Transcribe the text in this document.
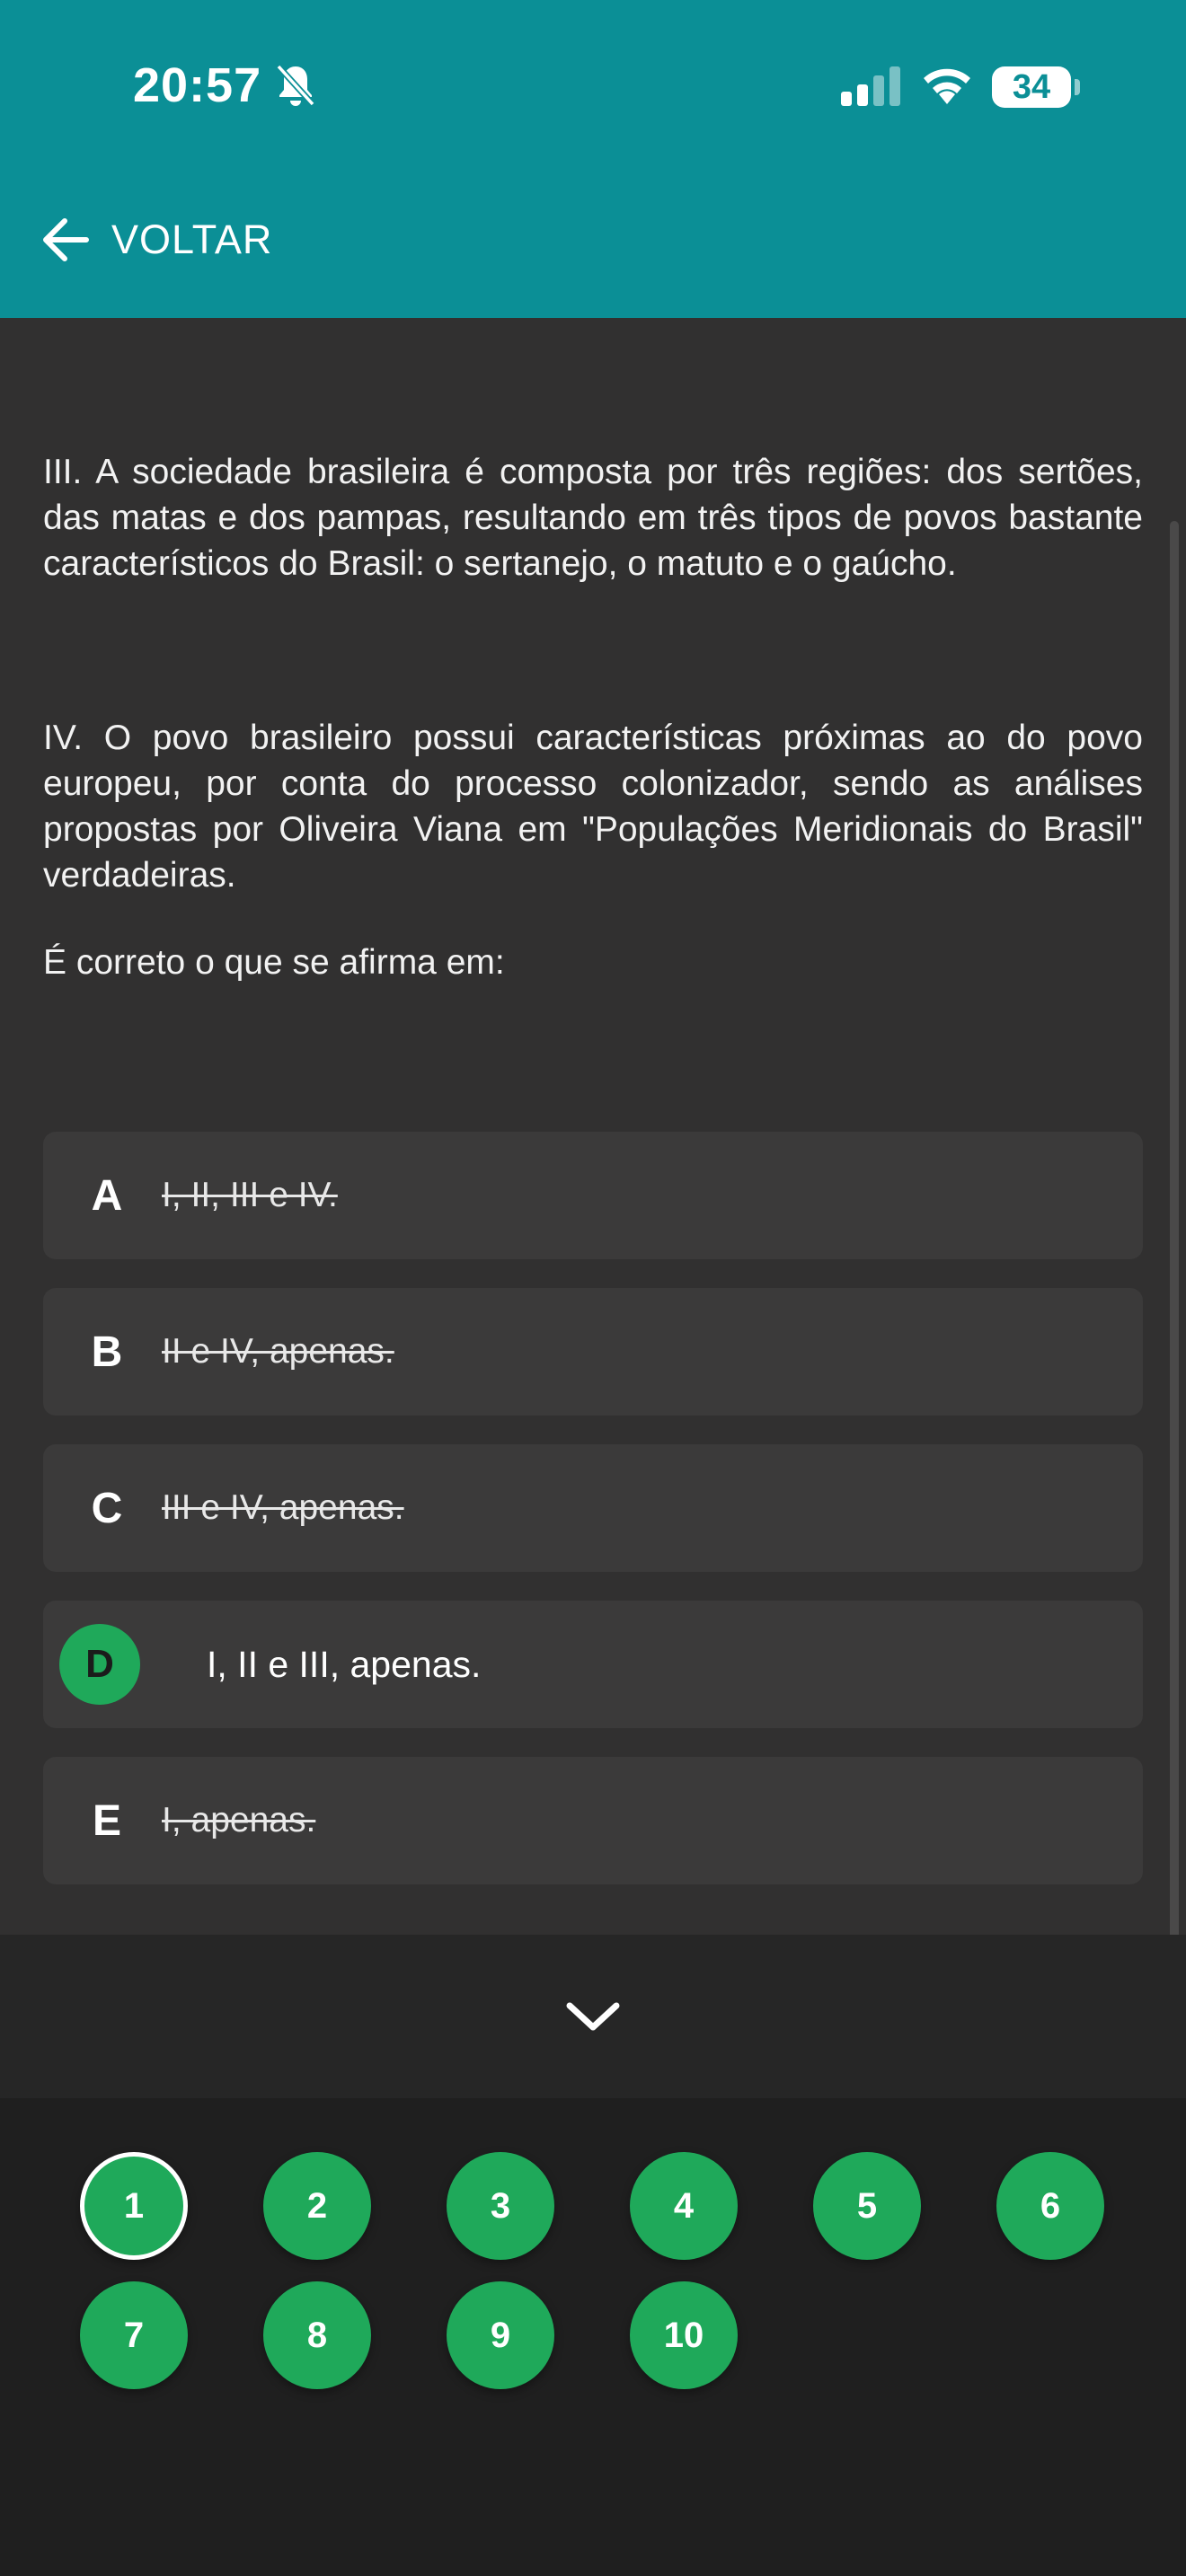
20:57	34
VOLTAR

III. A sociedade brasileira é composta por três regiões: dos sertões, das matas e dos pampas, resultando em três tipos de povos bastante característicos do Brasil: o sertanejo, o matuto e o gaúcho.

IV. O povo brasileiro possui características próximas ao do povo europeu, por conta do processo colonizador, sendo as análises propostas por Oliveira Viana em "Populações Meridionais do Brasil" verdadeiras.

É correto o que se afirma em:

A	I, II, III e IV.
B	II e IV, apenas.
C	III e IV, apenas.
D	I, II e III, apenas.
E	I, apenas.
1	2	3	4	5	6
7	8	9	10
